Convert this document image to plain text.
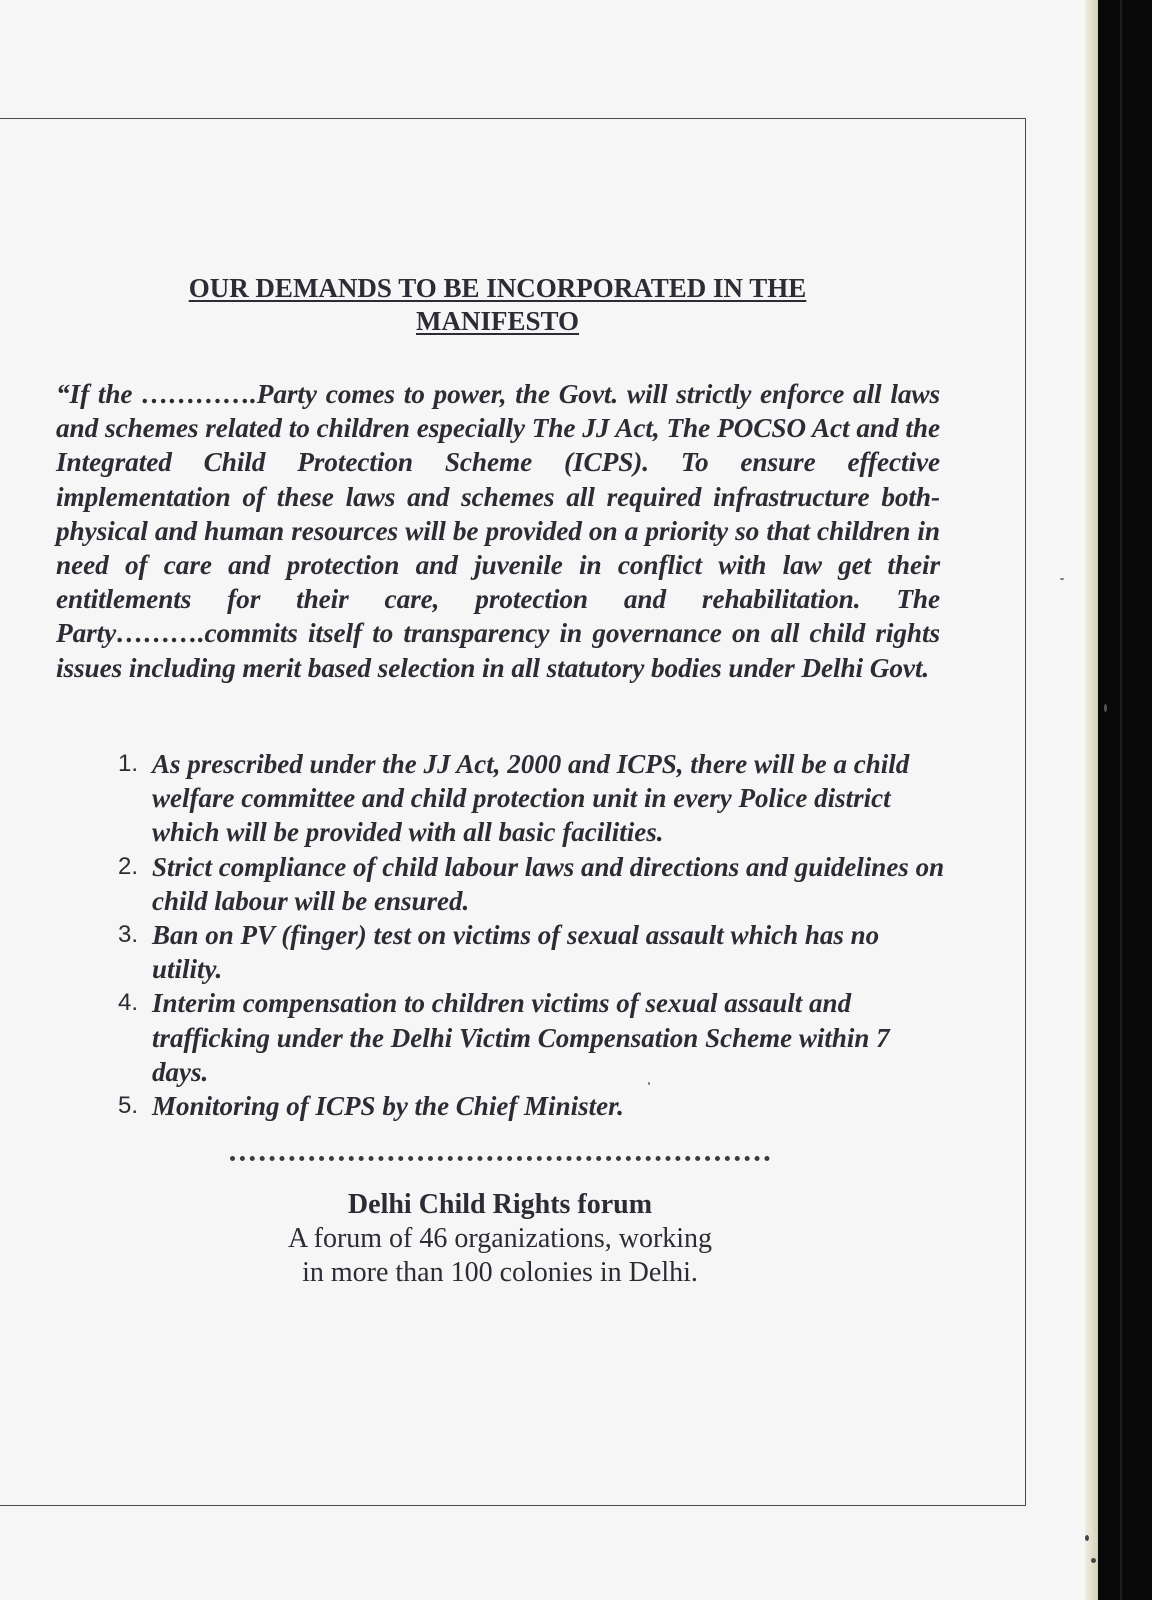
OUR DEMANDS TO BE INCORPORATED IN THE
MANIFESTO

“If the ………….Party comes to power, the Govt. will strictly enforce all laws and schemes related to children especially The JJ Act, The POCSO Act and the Integrated Child Protection Scheme (ICPS). To ensure effective implementation of these laws and schemes all required infrastructure both- physical and human resources will be provided on a priority so that children in need of care and protection and juvenile in conflict with law get their entitlements for their care, protection and rehabilitation. The Party……….commits itself to transparency in governance on all child rights issues including merit based selection in all statutory bodies under Delhi Govt.

1. As prescribed under the JJ Act, 2000 and ICPS, there will be a child welfare committee and child protection unit in every Police district which will be provided with all basic facilities.
2. Strict compliance of child labour laws and directions and guidelines on child labour will be ensured.
3. Ban on PV (finger) test on victims of sexual assault which has no utility.
4. Interim compensation to children victims of sexual assault and trafficking under the Delhi Victim Compensation Scheme within 7 days.
5. Monitoring of ICPS by the Chief Minister.
Delhi Child Rights forum
A forum of 46 organizations, working
in more than 100 colonies in Delhi.
